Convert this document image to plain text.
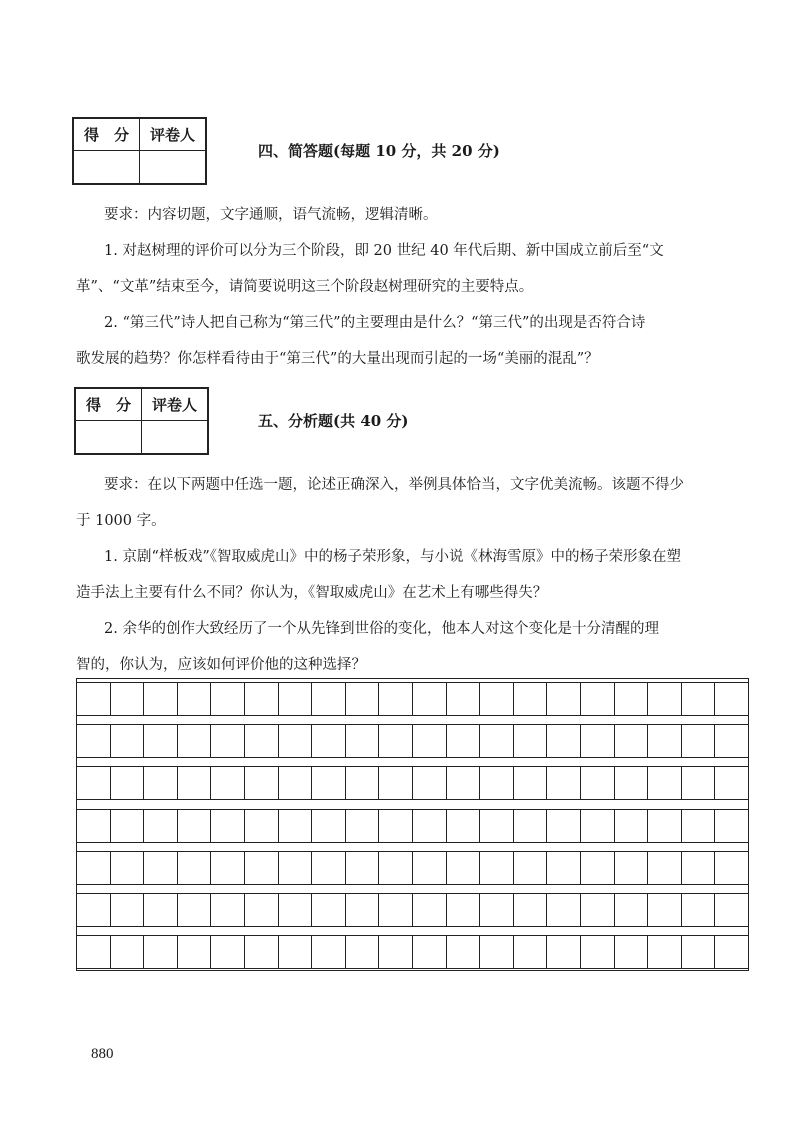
得　分	评卷人

四、简答题(每题 10 分，共 20 分)

要求：内容切题，文字通顺，语气流畅，逻辑清晰。

1. 对赵树理的评价可以分为三个阶段，即 20 世纪 40 年代后期、新中国成立前后至“文

革”、“文革”结束至今，请简要说明这三个阶段赵树理研究的主要特点。

2. “第三代”诗人把自己称为“第三代”的主要理由是什么？“第三代”的出现是否符合诗

歌发展的趋势？你怎样看待由于“第三代”的大量出现而引起的一场“美丽的混乱”？

得　分	评卷人

五、分析题(共 40 分)

要求：在以下两题中任选一题，论述正确深入，举例具体恰当，文字优美流畅。该题不得少

于 1000 字。

1. 京剧“样板戏”《智取威虎山》中的杨子荣形象，与小说《林海雪原》中的杨子荣形象在塑

造手法上主要有什么不同？你认为，《智取威虎山》在艺术上有哪些得失？

2. 余华的创作大致经历了一个从先锋到世俗的变化，他本人对这个变化是十分清醒的理

智的，你认为，应该如何评价他的这种选择？

880
